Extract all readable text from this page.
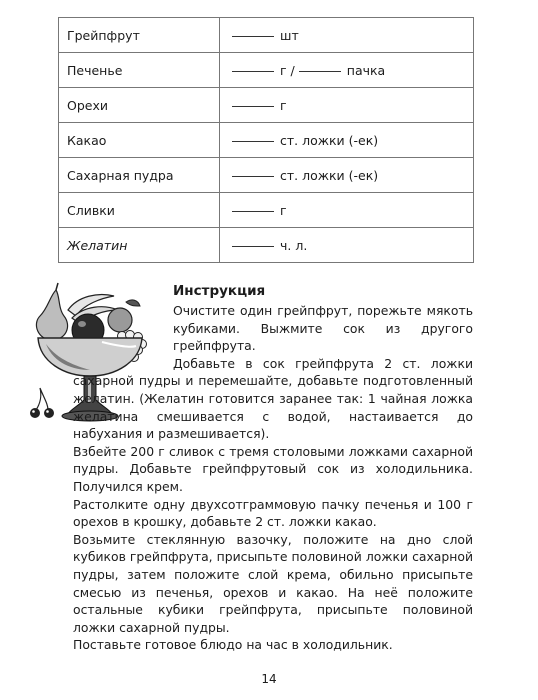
Грейпфрут	шт
Печенье	г / пачка
Орехи	г
Какао	ст. ложки (-ек)
Сахарная пудра	ст. ложки (-ек)
Сливки	г
Желатин	ч. л.
Инструкция

Очистите один грейпфрут, порежьте мякоть кубиками. Выжмите сок из другого грейпфрута.

Добавьте в сок грейпфрута 2 ст. ложки сахарной пудры и перемешайте, добавьте подготовленный желатин. (Желатин готовится заранее так: 1 чайная ложка желатина смешивается с водой, настаивается до набухания и размешивается).

Взбейте 200 г сливок с тремя столовыми ложками сахарной пудры. Добавьте грейпфрутовый сок из холодильника. Получился крем.

Растолките одну двухсотграммовую пачку печенья и 100 г орехов в крошку, добавьте 2 ст. ложки какао.

Возьмите стеклянную вазочку, положите на дно слой кубиков грейпфрута, присыпьте половиной ложки сахарной пудры, затем положите слой крема, обильно присыпьте смесью из печенья, орехов и какао. На неё положите остальные кубики грейпфрута, присыпьте половиной ложки сахарной пудры.

Поставьте готовое блюдо на час в холодильник.

14
